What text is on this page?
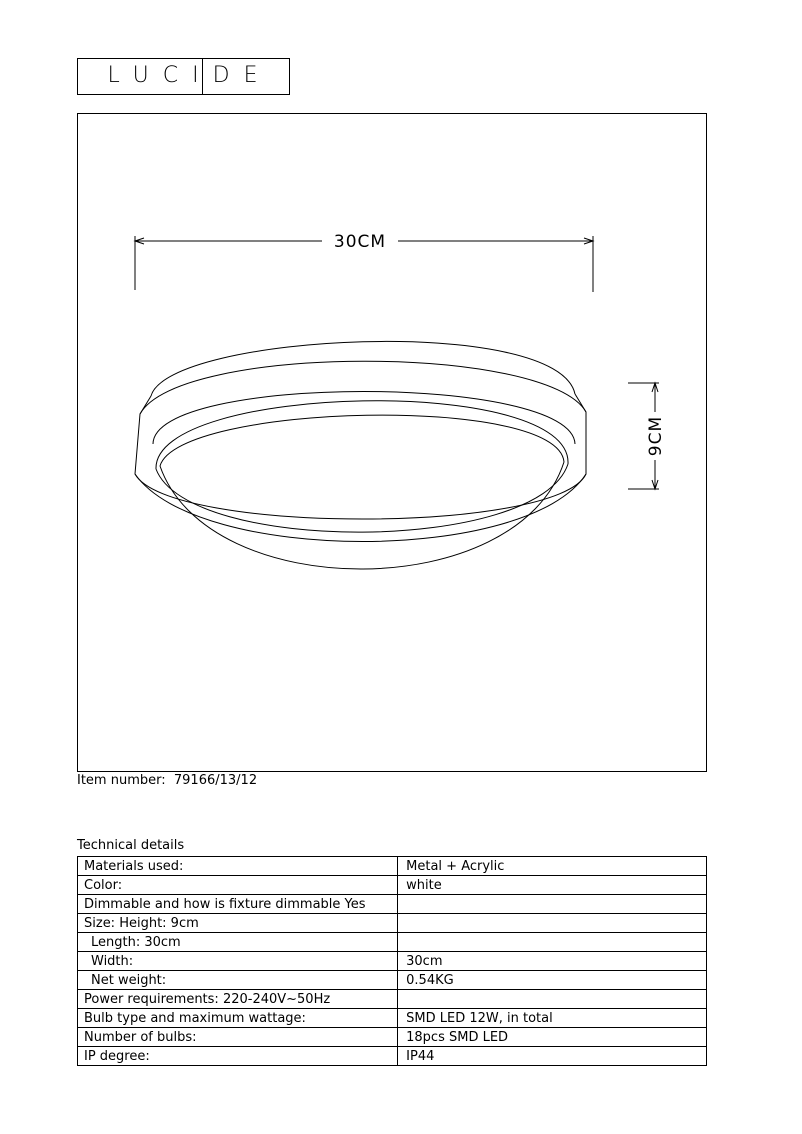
LUCIDE
30CM
9CM
Item number: 79166/13/12
Technical details
Materials used:	Metal + Acrylic
Color:	white
Dimmable and how is fixture dimmable Yes	
Size: Height: 9cm	
Length: 30cm	
Width:	30cm
Net weight:	0.54KG
Power requirements: 220-240V~50Hz	
Bulb type and maximum wattage:	SMD LED 12W, in total
Number of bulbs:	18pcs SMD LED
IP degree:	IP44
